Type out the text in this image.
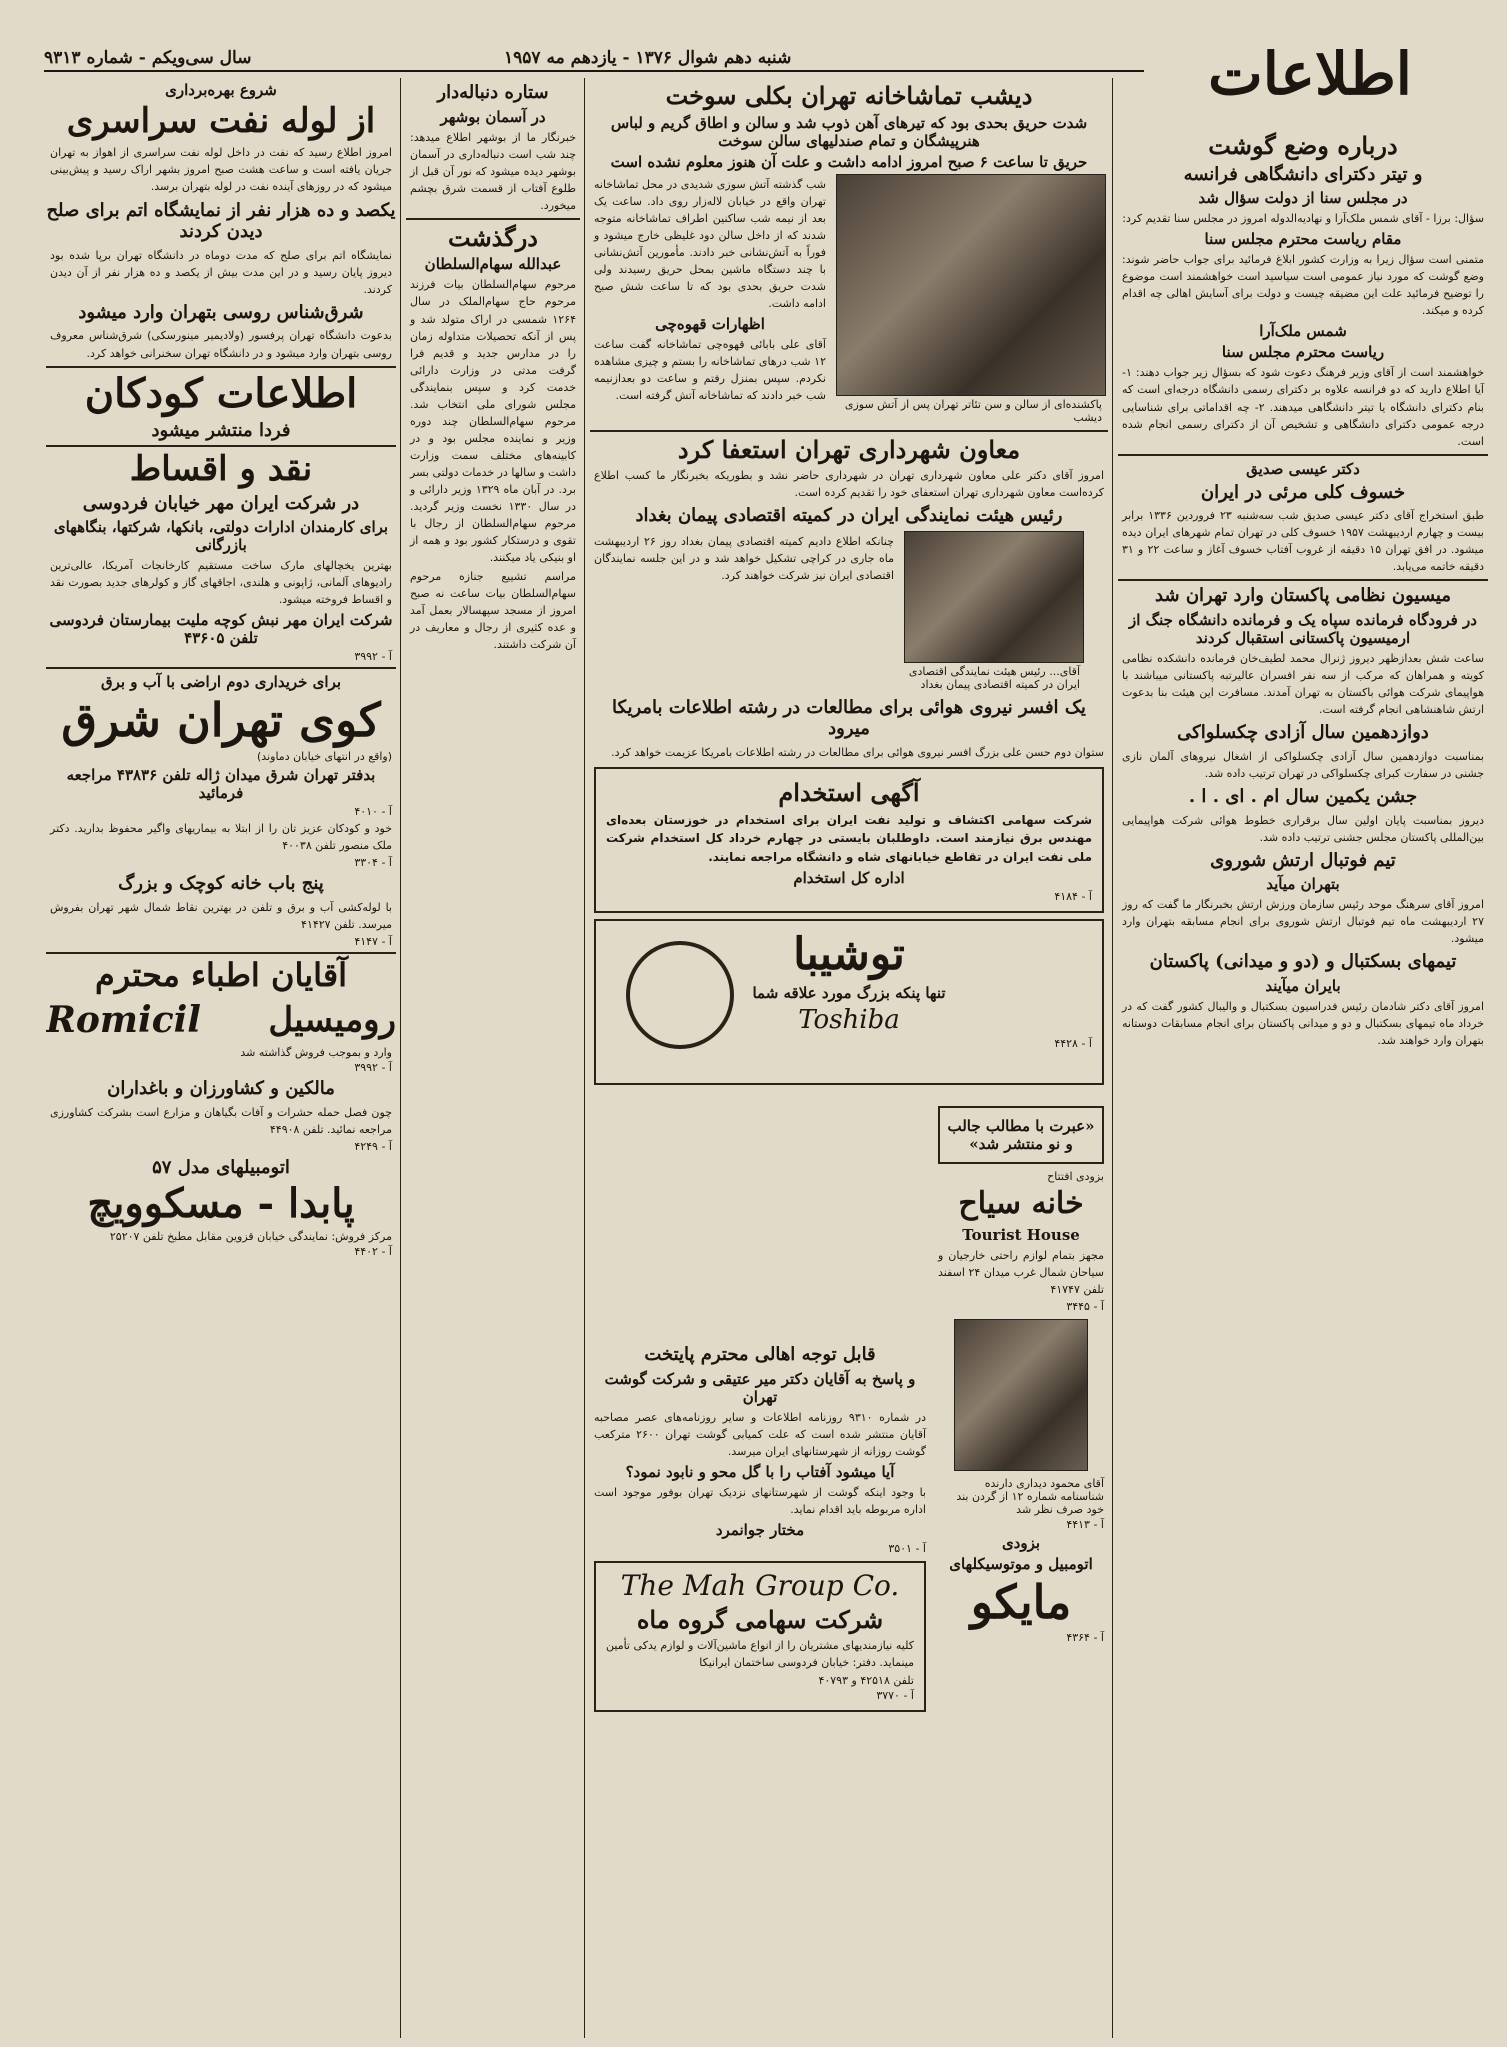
سال سی‌ویکم - شماره ۹۳۱۳	شنبه دهم شوال ۱۳۷۶ - یازدهم مه ۱۹۵۷	اطلاعات
درباره وضع گوشت
و تیتر دکترای دانشگاهی فرانسه
در مجلس سنا از دولت سؤال شد
سؤال: برزا - آقای شمس ملک‌آرا و نهادیه‌الدوله امروز در مجلس سنا تقدیم کرد:
مقام ریاست محترم مجلس سنا
متمنی است سؤال زیرا به وزارت کشور ابلاغ فرمائید برای جواب حاضر شوند: وضع گوشت که مورد نیاز عمومی است سیاسید است خواهشمند است موضوع را توضیح فرمائید علت این مضیقه چیست و دولت برای آسایش اهالی چه اقدام کرده و میکند.
شمس ملک‌آرا
ریاست محترم مجلس سنا
خواهشمند است از آقای وزیر فرهنگ دعوت شود که بسؤال زیر جواب دهند: ۱- آیا اطلاع دارید که دو فرانسه علاوه بر دکترای رسمی دانشگاه درجه‌ای است که بنام دکترای دانشگاه یا تیتر دانشگاهی میدهند. ۲- چه اقداماتی برای شناسایی درجه عمومی دکترای دانشگاهی و تشخیص آن از دکترای رسمی انجام شده است.
دکتر عیسی صدیق
خسوف کلی مرئی در ایران
طبق استخراج آقای دکتر عیسی صدیق شب سه‌شنبه ۲۳ فروردین ۱۳۳۶ برابر بیست و چهارم اردیبهشت ۱۹۵۷ خسوف کلی در تهران تمام شهرهای ایران دیده میشود. در افق تهران ۱۵ دقیقه از غروب آفتاب خسوف آغاز و ساعت ۲۲ و ۳۱ دقیقه خاتمه می‌یابد.
میسیون نظامی پاکستان وارد تهران شد
در فرودگاه فرمانده سپاه یک و فرمانده دانشگاه جنگ از ارمیسیون پاکستانی استقبال کردند
ساعت شش بعدازظهر دیروز ژنرال محمد لطیف‌خان فرمانده دانشکده نظامی کویته و همراهان که مرکب از سه نفر افسران عالیرتبه پاکستانی میباشند با هواپیمای شرکت هوائی باکستان به تهران آمدند. مسافرت این هیئت بنا بدعوت ارتش شاهنشاهی انجام گرفته است.
دوازدهمین سال آزادی چکسلواکی
بمناسبت دوازدهمین سال آزادی چکسلواکی از اشغال نیروهای آلمان نازی جشنی در سفارت کبرای چکسلواکی در تهران ترتیب داده شد.
جشن یکمین سال ام . ای . ا .
دیروز بمناسبت پایان اولین سال برقراری خطوط هوائی شرکت هواپیمایی بین‌المللی پاکستان مجلس جشنی ترتیب داده شد.
تیم فوتبال ارتش شوروی
بتهران میآید
امروز آقای سرهنگ موحد رئیس سازمان ورزش ارتش بخبرنگار ما گفت که روز ۲۷ اردیبهشت ماه تیم فوتبال ارتش شوروی برای انجام مسابقه بتهران وارد میشود.
تیمهای بسکتبال و (دو و میدانی) پاکستان
بایران میآیند
امروز آقای دکتر شادمان رئیس فدراسیون بسکتبال و والیبال کشور گفت که در خرداد ماه تیمهای بسکتبال و دو و میدانی پاکستان برای انجام مسابقات دوستانه بتهران وارد خواهند شد.
دیشب تماشاخانه تهران بکلی سوخت
شدت حریق بحدی بود که تیرهای آهن ذوب شد و سالن و اطاق گریم و لباس هنرپیشگان و تمام صندلیهای سالن سوخت
حریق تا ساعت ۶ صبح امروز ادامه داشت و علت آن هنوز معلوم نشده است
شب گذشته آتش سوزی شدیدی در محل تماشاخانه تهران واقع در خیابان لاله‌زار روی داد. ساعت یک بعد از نیمه شب ساکنین اطراف تماشاخانه متوجه شدند که از داخل سالن دود غلیظی خارج میشود و فوراً به آتش‌نشانی خبر دادند. مأمورین آتش‌نشانی با چند دستگاه ماشین بمحل حریق رسیدند ولی شدت حریق بحدی بود که تا ساعت شش صبح ادامه داشت.
اظهارات قهوه‌چی
آقای علی بابائی قهوه‌چی تماشاخانه گفت ساعت ۱۲ شب درهای تماشاخانه را بستم و چیزی مشاهده نکردم. سپس بمنزل رفتم و ساعت دو بعدازنیمه شب خبر دادند که تماشاخانه آتش گرفته است.
پاکشنده‌ای از سالن و سن تئاتر تهران پس از آتش سوزی دیشب
معاون شهرداری تهران استعفا کرد
امروز آقای دکتر علی معاون شهرداری تهران در شهرداری حاضر نشد و بطوریکه بخبرنگار ما کسب اطلاع کرده‌است معاون شهرداری تهران استعفای خود را تقدیم کرده است.
رئیس هیئت نمایندگی ایران در کمیته اقتصادی پیمان بغداد
چنانکه اطلاع دادیم کمیته اقتصادی پیمان بغداد روز ۲۶ اردیبهشت ماه جاری در کراچی تشکیل خواهد شد و در این جلسه نمایندگان اقتصادی ایران نیز شرکت خواهند کرد.
آقای... رئیس هیئت نمایندگی اقتصادی ایران در کمیته اقتصادی پیمان بغداد
یک افسر نیروی هوائی برای مطالعات در رشته اطلاعات بامریکا میرود
ستوان دوم حسن علی بزرگ افسر نیروی هوائی برای مطالعات در رشته اطلاعات بامریکا عزیمت خواهد کرد.
آگهی استخدام
شرکت سهامی اکتشاف و تولید نفت ایران برای استخدام در خوزستان بعده‌ای مهندس برق نیازمند است. داوطلبان بایستی در چهارم خرداد کل استخدام شرکت ملی نفت ایران در تقاطع خیابانهای شاه و دانشگاه مراجعه نمایند.
اداره کل استخدام
آ - ۴۱۸۴
توشیبا
تنها پنکه بزرگ مورد علاقه شما
Toshiba
آ - ۴۴۲۸
قابل توجه اهالی محترم پایتخت
و پاسخ به آقایان دکتر میر عتیقی و شرکت گوشت تهران
در شماره ۹۳۱۰ روزنامه اطلاعات و سایر روزنامه‌های عصر مصاحبه آقایان منتشر شده است که علت کمیابی گوشت تهران ۲۶۰۰ مترکعب گوشت روزانه از شهرستانهای ایران میرسد.
آیا میشود آفتاب را با گل محو و نابود نمود؟
با وجود اینکه گوشت از شهرستانهای نزدیک تهران بوفور موجود است اداره مربوطه باید اقدام نماید.
مختار جوانمرد
آ - ۳۵۰۱
The Mah Group Co.
شرکت سهامی گروه ماه
کلیه نیازمندیهای مشتریان را از انواع ماشین‌آلات و لوازم یدکی تأمین مینماید. دفتر: خیابان فردوسی ساختمان ایرانیکا
تلفن ۴۲۵۱۸ و ۴۰۷۹۳
آ - ۳۷۷۰
«عبرت با مطالب جالب و نو منتشر شد»
بزودی افتتاح
خانه سیاح
Tourist House
مجهز بتمام لوازم راحتی خارجیان و سیاحان شمال غرب میدان ۲۴ اسفند تلفن ۴۱۷۴۷
آ - ۳۴۴۵
آقای محمود دیداری دارنده شناسنامه شماره ۱۲ از گردن بند خود صرف نظر شد
آ - ۴۴۱۳
بزودی
اتومبیل و موتوسیکلهای
مایکو
آ - ۴۳۶۴
ستاره دنباله‌دار
در آسمان بوشهر
خبرنگار ما از بوشهر اطلاع میدهد: چند شب است دنباله‌داری در آسمان بوشهر دیده میشود که نور آن قبل از طلوع آفتاب از قسمت شرق بچشم میخورد.
درگذشت
عبدالله سهام‌السلطان
مرحوم سهام‌السلطان بیات فرزند مرحوم حاج سهام‌الملک در سال ۱۲۶۴ شمسی در اراک متولد شد و پس از آنکه تحصیلات متداوله زمان را در مدارس جدید و قدیم فرا گرفت مدتی در وزارت دارائی خدمت کرد و سپس بنمایندگی مجلس شورای ملی انتخاب شد. مرحوم سهام‌السلطان چند دوره وزیر و نماینده مجلس بود و در کابینه‌های مختلف سمت وزارت داشت و سالها در خدمات دولتی بسر برد. در آبان ماه ۱۳۲۹ وزیر دارائی و در سال ۱۳۳۰ نخست وزیر گردید. مرحوم سهام‌السلطان از رجال با تقوی و درستکار کشور بود و همه از او بنیکی یاد میکنند.
مراسم تشییع جنازه مرحوم سهام‌السلطان بیات ساعت نه صبح امروز از مسجد سپهسالار بعمل آمد و عده کثیری از رجال و معاریف در آن شرکت داشتند.
شروع بهره‌برداری
از لوله نفت سراسری
امروز اطلاع رسید که نفت در داخل لوله نفت سراسری از اهواز به تهران جریان یافته است و ساعت هشت صبح امروز بشهر اراک رسید و پیش‌بینی میشود که در روزهای آینده نفت در لوله بتهران برسد.
یکصد و ده هزار نفر از نمایشگاه اتم برای صلح دیدن کردند
نمایشگاه اتم برای صلح که مدت دوماه در دانشگاه تهران برپا شده بود دیروز پایان رسید و در این مدت بیش از یکصد و ده هزار نفر از آن دیدن کردند.
شرق‌شناس روسی بتهران وارد میشود
بدعوت دانشگاه تهران پرفسور (ولادیمیر مینورسکی) شرق‌شناس معروف روسی بتهران وارد میشود و در دانشگاه تهران سخنرانی خواهد کرد.
اطلاعات کودکان
فردا منتشر میشود
نقد و اقساط
در شرکت ایران مهر خیابان فردوسی
برای کارمندان ادارات دولتی، بانکها، شرکتها، بنگاههای بازرگانی
بهترین یخچالهای مارک ساخت مستقیم کارخانجات آمریکا، عالی‌ترین رادیوهای آلمانی، ژاپونی و هلندی، اجاقهای گاز و کولرهای جدید بصورت نقد و اقساط فروخته میشود.
شرکت ایران مهر نبش کوچه ملیت بیمارستان فردوسی تلفن ۴۳۶۰۵
آ - ۳۹۹۲
برای خریداری دوم اراضی با آب و برق
کوی تهران شرق
(واقع در انتهای خیابان دماوند)
بدفتر تهران شرق میدان ژاله تلفن ۴۳۸۳۶ مراجعه فرمائید
آ - ۴۰۱۰
خود و کودکان عزیز تان را از ابتلا به بیماریهای واگیر محفوظ بدارید. دکتر ملک منصور تلفن ۴۰۰۳۸
آ - ۳۳۰۴
پنج باب خانه کوچک و بزرگ
با لوله‌کشی آب و برق و تلفن در بهترین نقاط شمال شهر تهران بفروش میرسد. تلفن ۴۱۴۲۷
آ - ۴۱۴۷
آقایان اطباء محترم
رومیسیل
Romicil
وارد و بموجب فروش گذاشته شد
آ - ۳۹۹۲
مالکین و کشاورزان و باغداران
چون فصل حمله حشرات و آفات بگیاهان و مزارع است بشرکت کشاورزی مراجعه نمائید. تلفن ۴۴۹۰۸
آ - ۴۲۴۹
اتومبیلهای مدل ۵۷
پابدا - مسکوویچ
مرکز فروش: نمایندگی خیابان قزوین مقابل مطبخ تلفن ۲۵۲۰۷
آ - ۴۴۰۲
